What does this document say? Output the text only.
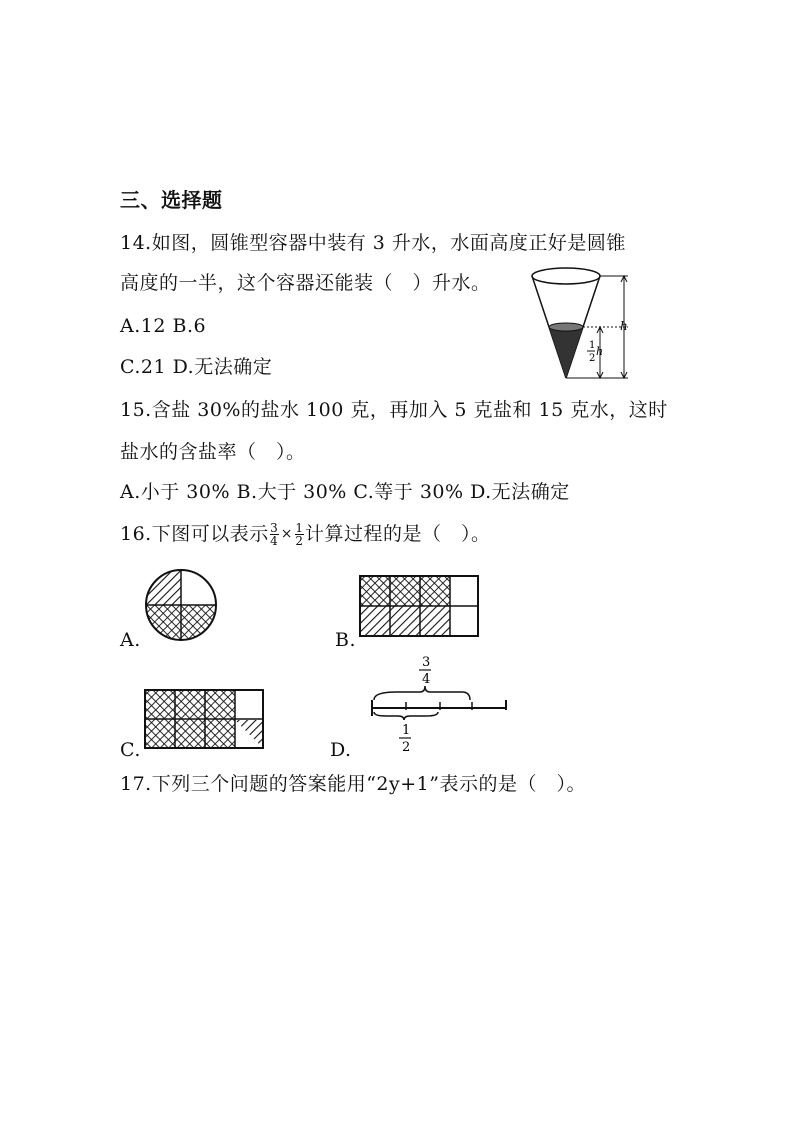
三、选择题
14.如图，圆锥型容器中装有 3 升水，水面高度正好是圆锥
高度的一半，这个容器还能装（　）升水。
A.12 B.6
C.21 D.无法确定
h
1
2
h
15.含盐 30%的盐水 100 克，再加入 5 克盐和 15 克水，这时
盐水的含盐率（　）。
A.小于 30% B.大于 30% C.等于 30% D.无法确定
16.下图可以表示 $\frac{3}{4} \times \frac{1}{2}$ 计算过程的是（　）。
A.	B.
C.	D.
3
4
1
2
17.下列三个问题的答案能用“2y+1”表示的是（　）。
